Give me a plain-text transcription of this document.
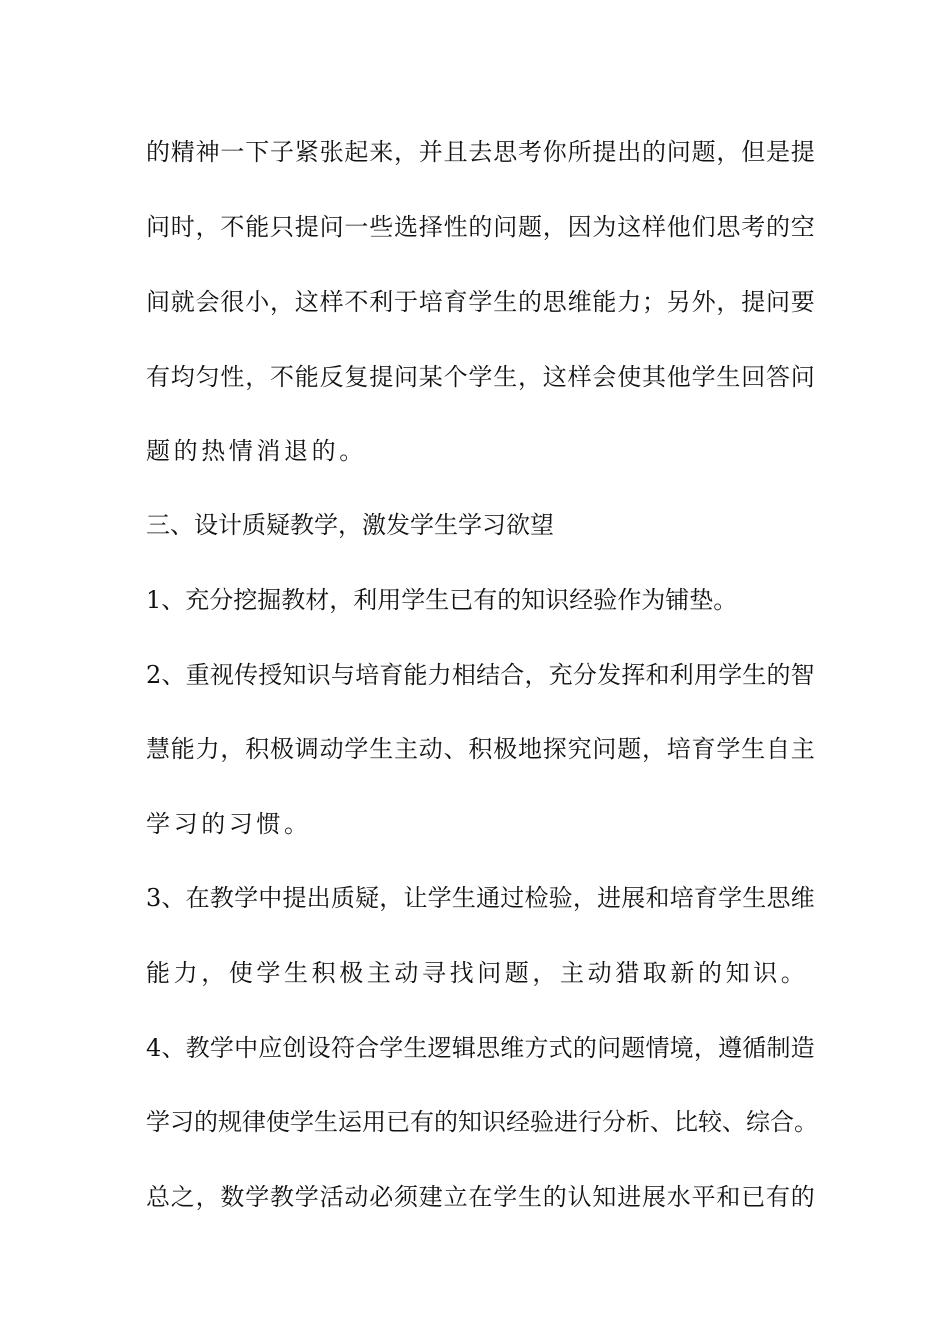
的精神一下子紧张起来，并且去思考你所提出的问题，但是提
问时，不能只提问一些选择性的问题，因为这样他们思考的空
间就会很小，这样不利于培育学生的思维能力；另外，提问要
有均匀性，不能反复提问某个学生，这样会使其他学生回答问
题的热情消退的。
三、设计质疑教学，激发学生学习欲望
1、充分挖掘教材，利用学生已有的知识经验作为铺垫。
2、重视传授知识与培育能力相结合，充分发挥和利用学生的智
慧能力，积极调动学生主动、积极地探究问题，培育学生自主
学习的习惯。
3、在教学中提出质疑，让学生通过检验，进展和培育学生思维
能力，使学生积极主动寻找问题，主动猎取新的知识。
4、教学中应创设符合学生逻辑思维方式的问题情境，遵循制造
学习的规律使学生运用已有的知识经验进行分析、比较、综合。
总之，数学教学活动必须建立在学生的认知进展水平和已有的
